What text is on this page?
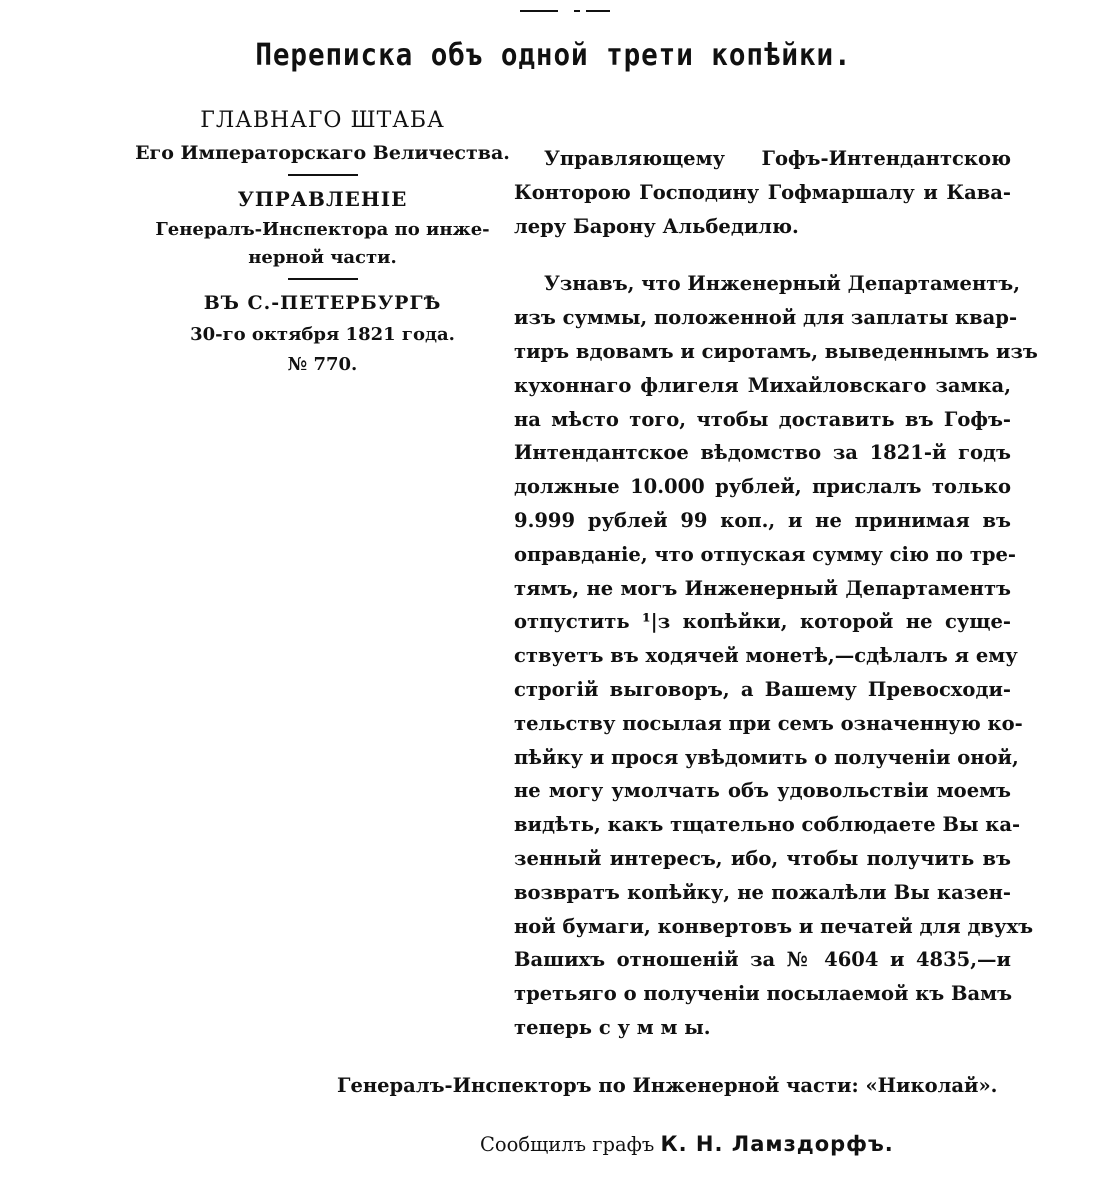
Переписка объ одной трети копѣйки.
ГЛАВНАГО ШТАБА
Его Императорскаго Величества.
УПРАВЛЕНІЕ
Генералъ-Инспектора по инже-
нерной части.
ВЪ С.-ПЕТЕРБУРГѢ
30-го октября 1821 года.
№ 770.
Управляющему Гофъ-Интендантскою
Конторою Господину Гофмаршалу и Кава-
леру Барону Альбедилю.
Узнавъ, что Инженерный Департаментъ,
изъ суммы, положенной для заплаты квар-
тиръ вдовамъ и сиротамъ, выведеннымъ изъ
кухоннаго флигеля Михайловскаго замка,
на мѣсто того, чтобы доставить въ Гофъ-
Интендантское вѣдомство за 1821-й годъ
должные 10.000 рублей, прислалъ только
9.999 рублей 99 коп., и не принимая въ
оправданіе, что отпуская сумму сію по тре-
тямъ, не могъ Инженерный Департаментъ
отпустить ¹|з копѣйки, которой не суще-
ствуетъ въ ходячей монетѣ,—сдѣлалъ я ему
строгій выговоръ, а Вашему Превосходи-
тельству посылая при семъ означенную ко-
пѣйку и прося увѣдомить о полученіи оной,
не могу умолчать объ удовольствіи моемъ
видѣть, какъ тщательно соблюдаете Вы ка-
зенный интересъ, ибо, чтобы получить въ
возвратъ копѣйку, не пожалѣли Вы казен-
ной бумаги, конвертовъ и печатей для двухъ
Вашихъ отношеній за № 4604 и 4835,—и
третьяго о полученіи посылаемой къ Вамъ
теперь с у м м ы.
Генералъ-Инспекторъ по Инженерной части: «Николай».
Сообщилъ графъ К. Н. Ламздорфъ.
